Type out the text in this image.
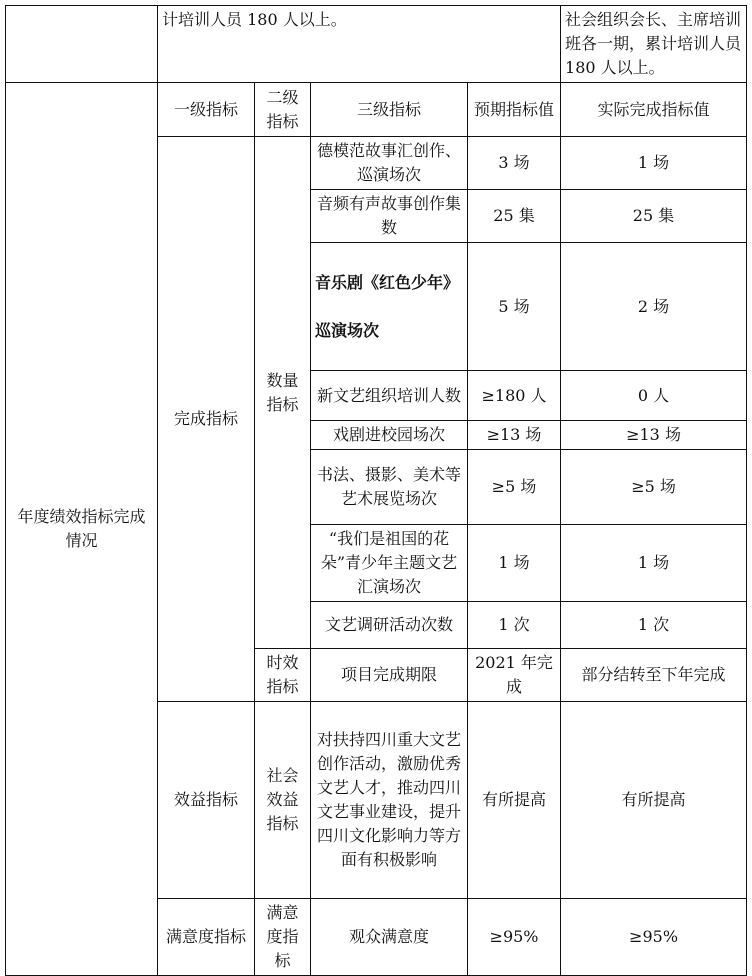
	计培训人员 180 人以上。				社会组织会长、主席培训班各一期，累计培训人员 180 人以上。
年度绩效指标完成情况	一级指标	二级指标	三级指标	预期指标值	实际完成指标值
	完成指标	数量指标	德模范故事汇创作、巡演场次	3 场	1 场
			音频有声故事创作集数	25 集	25 集
			音乐剧《红色少年》巡演场次	5 场	2 场
			新文艺组织培训人数	≥180 人	0 人
			戏剧进校园场次	≥13 场	≥13 场
			书法、摄影、美术等艺术展览场次	≥5 场	≥5 场
			“我们是祖国的花朵”青少年主题文艺汇演场次	1 场	1 场
			文艺调研活动次数	1 次	1 次
		时效指标	项目完成期限	2021 年完成	部分结转至下年完成
	效益指标	社会效益指标	对扶持四川重大文艺创作活动，激励优秀文艺人才，推动四川文艺事业建设，提升四川文化影响力等方面有积极影响	有所提高	有所提高
	满意度指标	满意度指标	观众满意度	≥95%	≥95%
